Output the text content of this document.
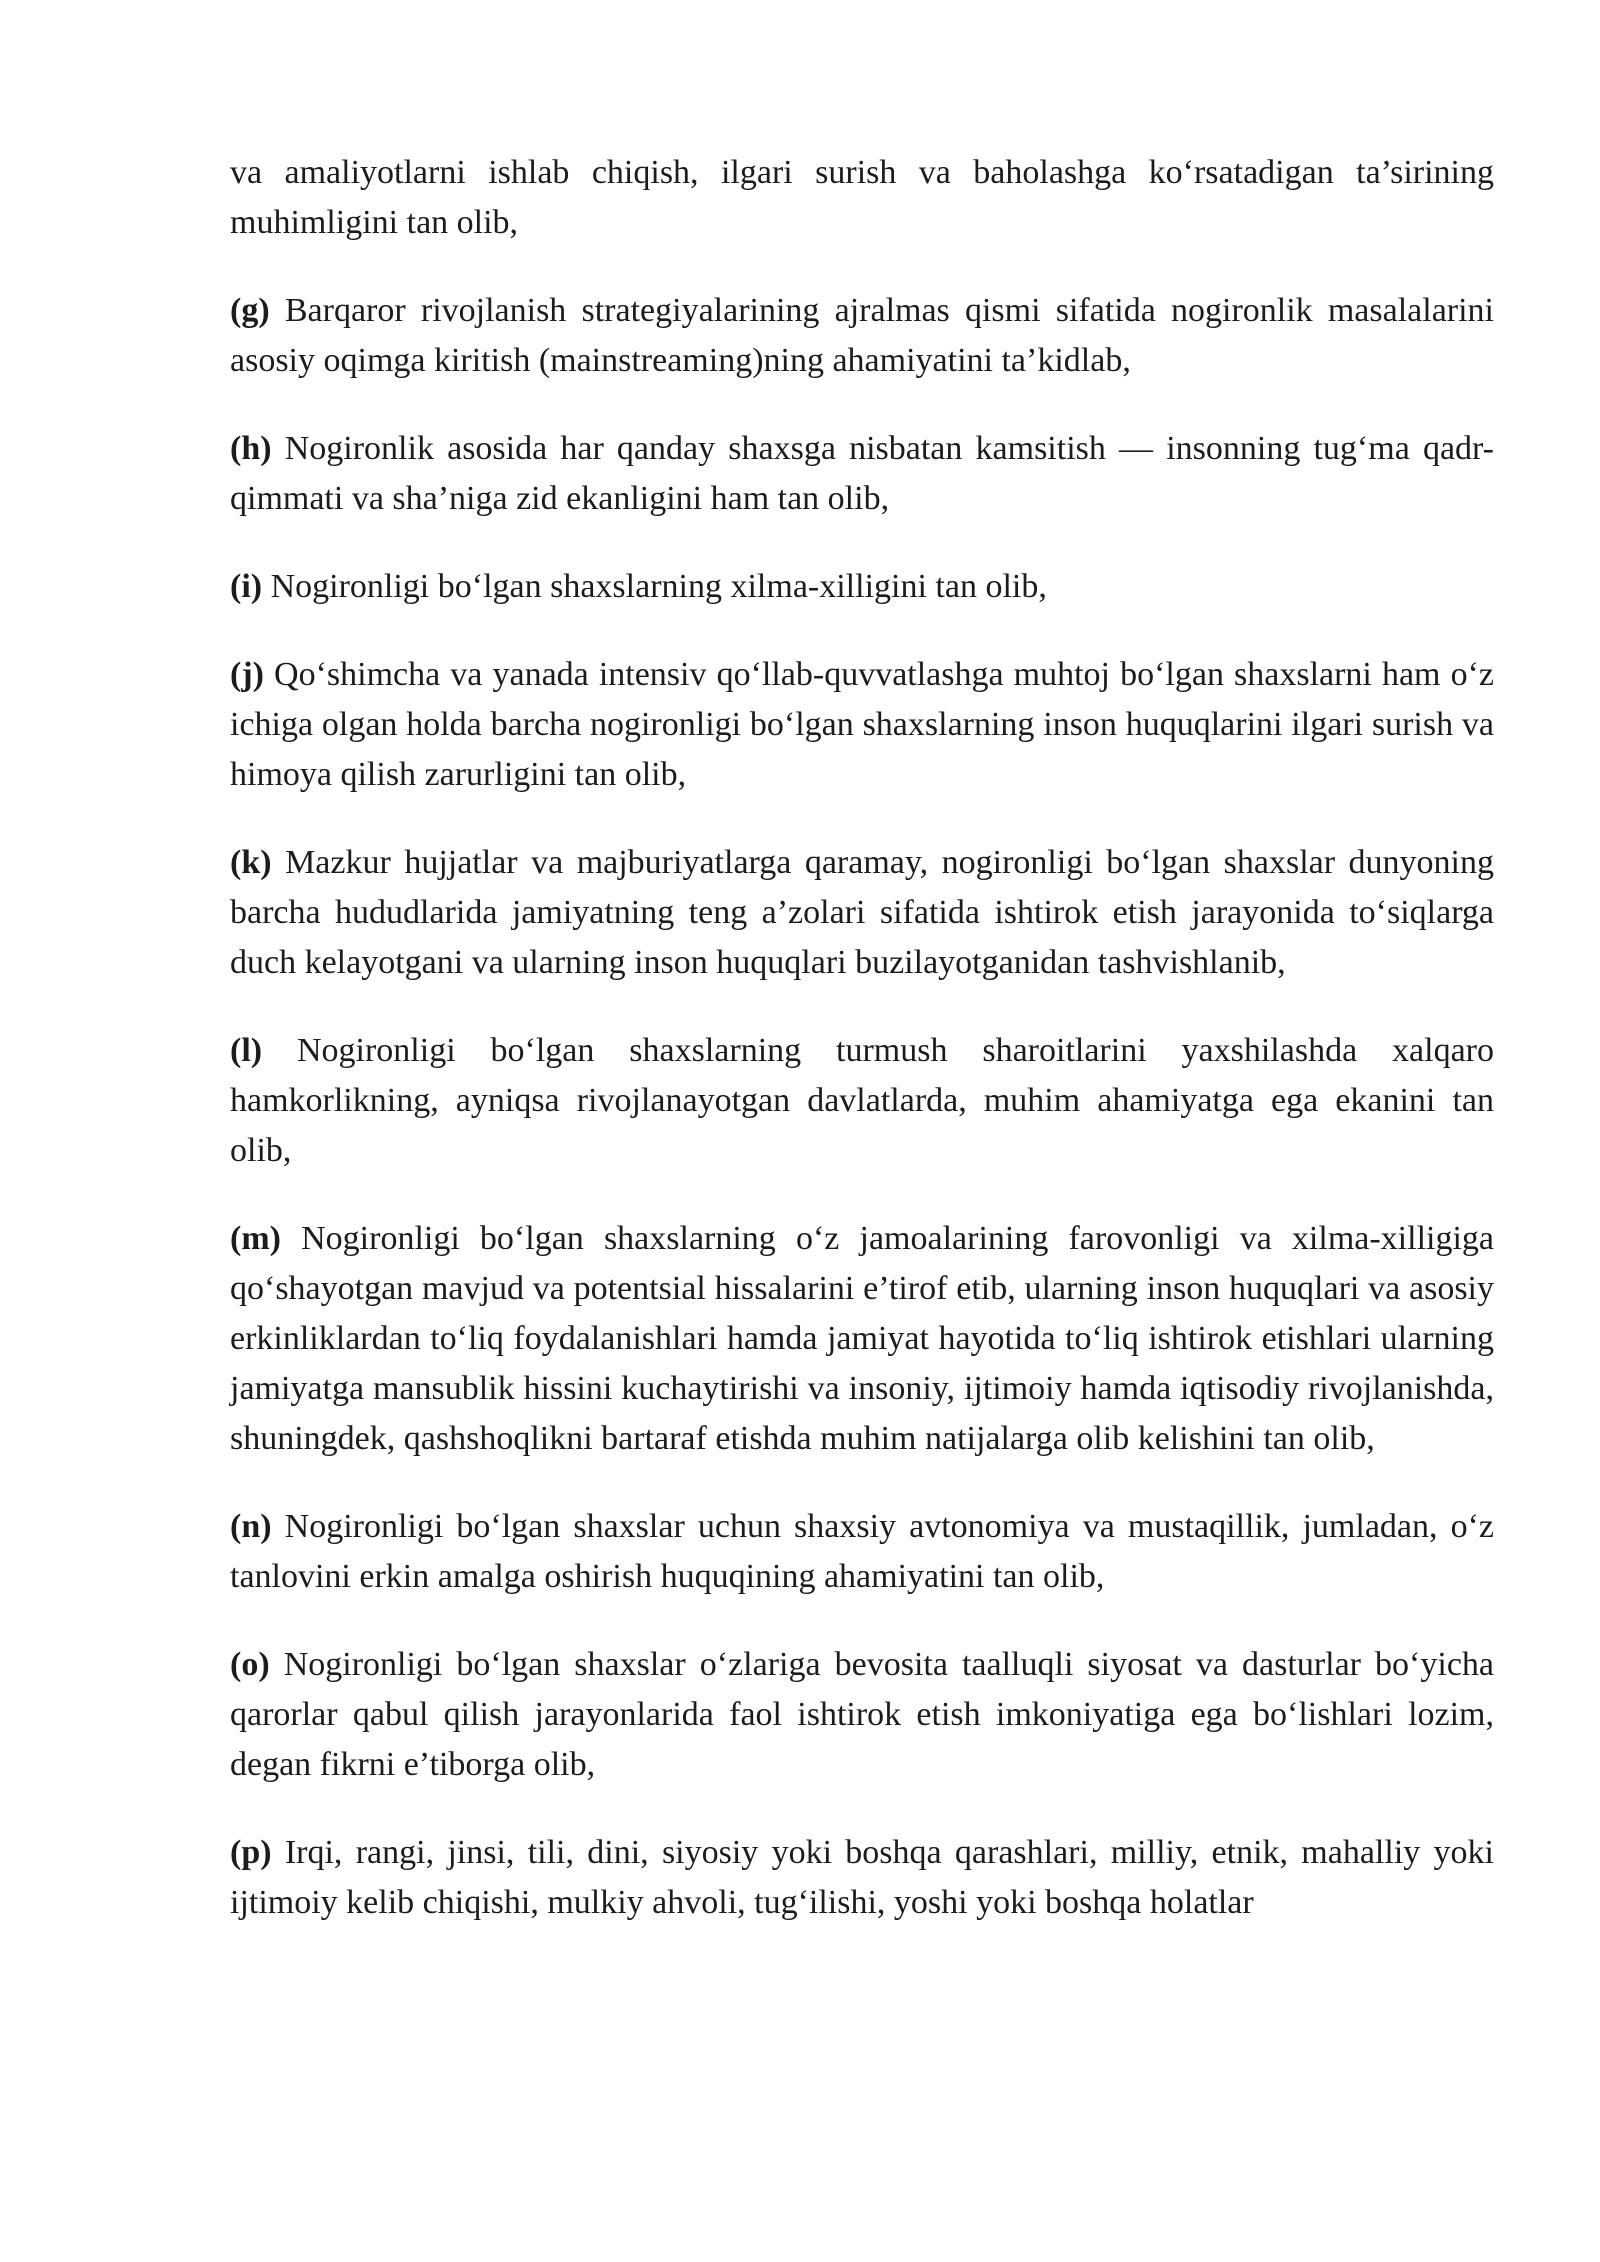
va amaliyotlarni ishlab chiqish, ilgari surish va baholashga ko‘rsatadigan ta’sirining muhimligini tan olib,

(g) Barqaror rivojlanish strategiyalarining ajralmas qismi sifatida nogironlik masalalarini asosiy oqimga kiritish (mainstreaming)ning ahamiyatini ta’kidlab,

(h) Nogironlik asosida har qanday shaxsga nisbatan kamsitish — insonning tug‘ma qadr-qimmati va sha’niga zid ekanligini ham tan olib,

(i) Nogironligi bo‘lgan shaxslarning xilma-xilligini tan olib,

(j) Qo‘shimcha va yanada intensiv qo‘llab-quvvatlashga muhtoj bo‘lgan shaxslarni ham o‘z ichiga olgan holda barcha nogironligi bo‘lgan shaxslarning inson huquqlarini ilgari surish va himoya qilish zarurligini tan olib,

(k) Mazkur hujjatlar va majburiyatlarga qaramay, nogironligi bo‘lgan shaxslar dunyoning barcha hududlarida jamiyatning teng a’zolari sifatida ishtirok etish jarayonida to‘siqlarga duch kelayotgani va ularning inson huquqlari buzilayotganidan tashvishlanib,

(l) Nogironligi bo‘lgan shaxslarning turmush sharoitlarini yaxshilashda xalqaro hamkorlikning, ayniqsa rivojlanayotgan davlatlarda, muhim ahamiyatga ega ekanini tan olib,

(m) Nogironligi bo‘lgan shaxslarning o‘z jamoalarining farovonligi va xilma-xilligiga qo‘shayotgan mavjud va potentsial hissalarini e’tirof etib, ularning inson huquqlari va asosiy erkinliklardan to‘liq foydalanishlari hamda jamiyat hayotida to‘liq ishtirok etishlari ularning jamiyatga mansublik hissini kuchaytirishi va insoniy, ijtimoiy hamda iqtisodiy rivojlanishda, shuningdek, qashshoqlikni bartaraf etishda muhim natijalarga olib kelishini tan olib,

(n) Nogironligi bo‘lgan shaxslar uchun shaxsiy avtonomiya va mustaqillik, jumladan, o‘z tanlovini erkin amalga oshirish huquqining ahamiyatini tan olib,

(o) Nogironligi bo‘lgan shaxslar o‘zlariga bevosita taalluqli siyosat va dasturlar bo‘yicha qarorlar qabul qilish jarayonlarida faol ishtirok etish imkoniyatiga ega bo‘lishlari lozim, degan fikrni e’tiborga olib,

(p) Irqi, rangi, jinsi, tili, dini, siyosiy yoki boshqa qarashlari, milliy, etnik, mahalliy yoki ijtimoiy kelib chiqishi, mulkiy ahvoli, tug‘ilishi, yoshi yoki boshqa holatlar
